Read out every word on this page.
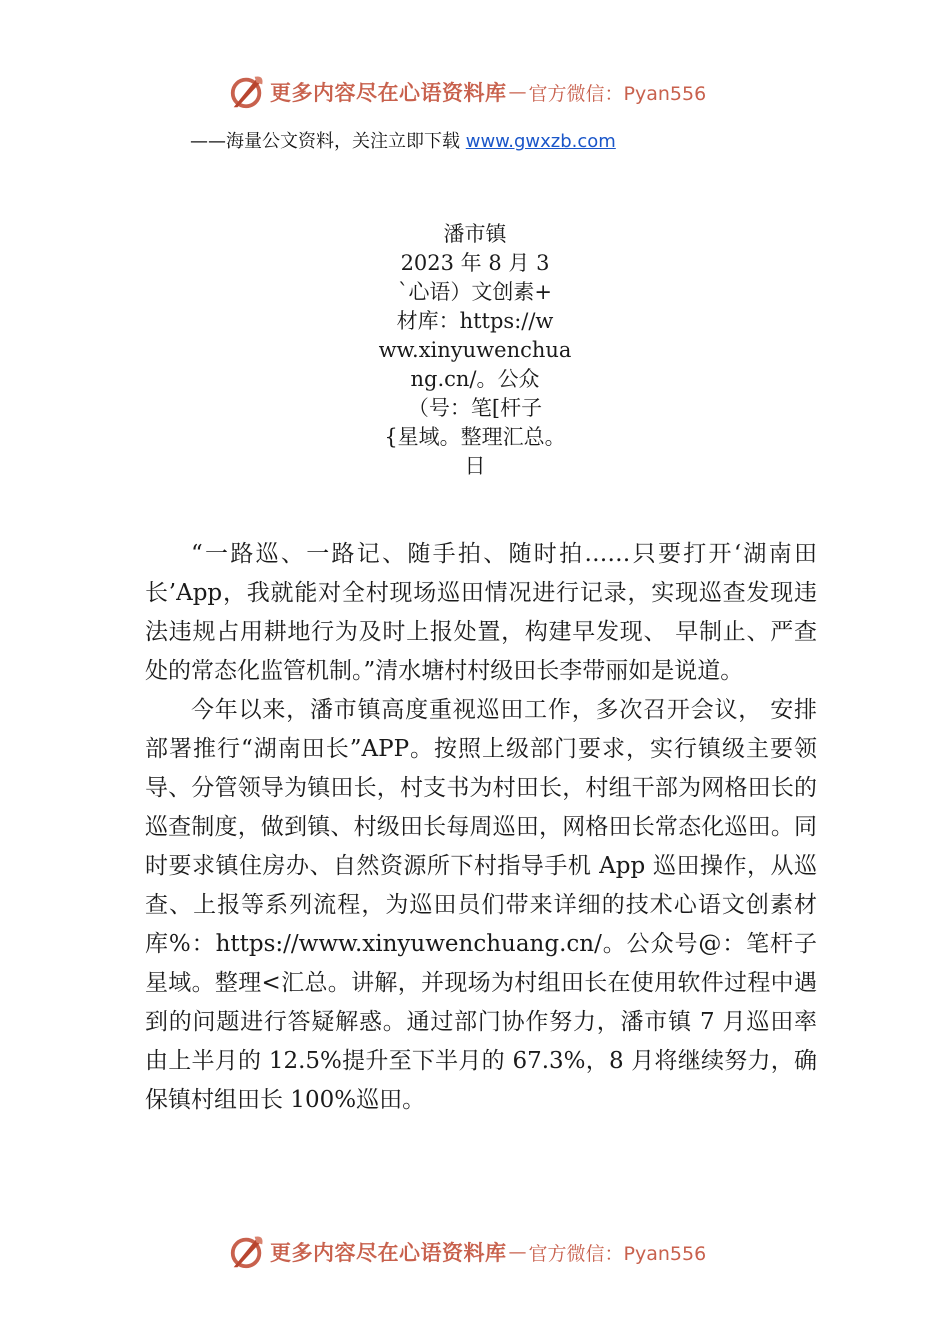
更多内容尽在心语资料库 — 官方微信：Pyan556
——海量公文资料，关注立即下载 www.gwxzb.com
潘市镇
2023 年 8 月 3
`心语）文创素+
材库：https://w
ww.xinyuwenchua
ng.cn/。公众
（号：笔[杆子
{星域。整理汇总。
日

“一路巡、一路记、随手拍、随时拍……只要打开‘湖南田长’App，我就能对全村现场巡田情况进行记录，实现巡查发现违法违规占用耕地行为及时上报处置，构建早发现、 早制止、严查处的常态化监管机制。”清水塘村村级田长李带丽如是说道。

今年以来，潘市镇高度重视巡田工作，多次召开会议， 安排部署推行“湖南田长”APP。按照上级部门要求，实行镇级主要领导、分管领导为镇田长，村支书为村田长，村组干部为网格田长的巡查制度，做到镇、村级田长每周巡田，网格田长常态化巡田。同时要求镇住房办、自然资源所下村指导手机 App 巡田操作，从巡查、上报等系列流程，为巡田员们带来详细的技术心语文创素材库%：https://www.xinyuwenchuang.cn/。公众号@：笔杆子星域。整理<汇总。讲解，并现场为村组田长在使用软件过程中遇到的问题进行答疑解惑。通过部门协作努力，潘市镇 7 月巡田率由上半月的 12.5%提升至下半月的 67.3%，8 月将继续努力，确保镇村组田长 100%巡田。

更多内容尽在心语资料库 — 官方微信：Pyan556
